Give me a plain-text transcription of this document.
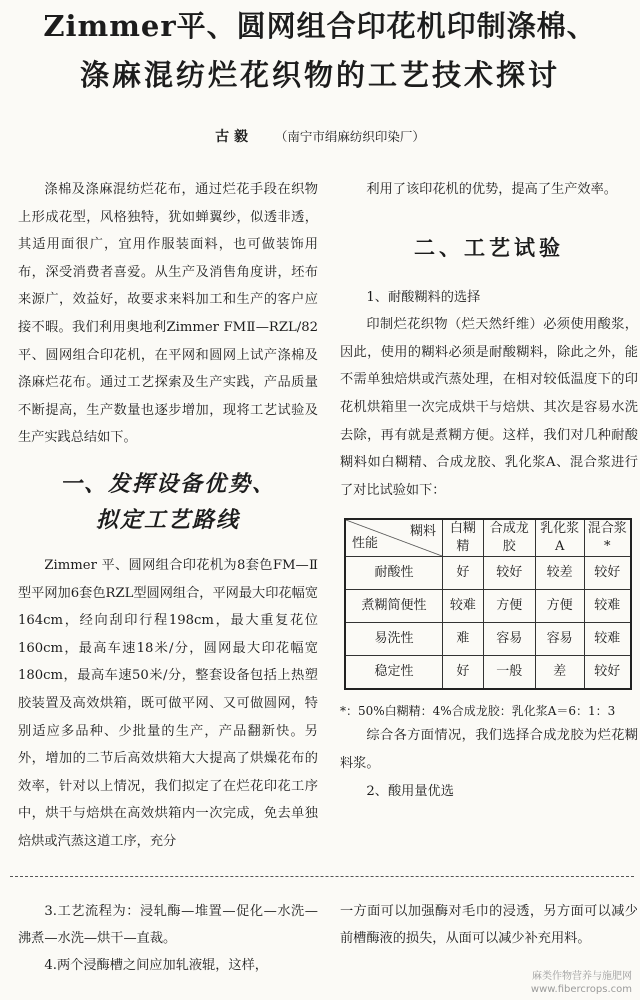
Zimmer平、圆网组合印花机印制涤棉、
涤麻混纺烂花织物的工艺技术探讨
古 毅 （南宁市绢麻纺织印染厂）

涤棉及涤麻混纺烂花布，通过烂花手段在织物上形成花型，风格独特，犹如蝉翼纱，似透非透，其适用面很广，宜用作服装面料，也可做装饰用布，深受消费者喜爱。从生产及消售角度讲，坯布来源广，效益好，故要求来料加工和生产的客户应接不暇。我们利用奥地利Zimmer FMⅡ—RZL/82平、圆网组合印花机，在平网和圆网上试产涤棉及涤麻烂花布。通过工艺探索及生产实践，产品质量不断提高，生产数量也逐步增加，现将工艺试验及生产实践总结如下。

一、发挥设备优势、
拟定工艺路线

Zimmer 平、圆网组合印花机为8套色FM—Ⅱ型平网加6套色RZL型圆网组合，平网最大印花幅宽164cm，经向刮印行程198cm，最大重复花位160cm，最高车速18米/分，圆网最大印花幅宽180cm，最高车速50米/分，整套设备包括上热塑胶装置及高效烘箱，既可做平网、又可做圆网，特别适应多品种、少批量的生产，产品翻新快。另外，增加的二节后高效烘箱大大提高了烘燥花布的效率，针对以上情况，我们拟定了在烂花印花工序中，烘干与焙烘在高效烘箱内一次完成，免去单独焙烘或汽蒸这道工序，充分

利用了该印花机的优势，提高了生产效率。

二、工艺试验

1、耐酸糊料的选择

印制烂花织物（烂天然纤维）必须使用酸浆，因此，使用的糊料必须是耐酸糊料，除此之外，能不需单独焙烘或汽蒸处理，在相对较低温度下的印花机烘箱里一次完成烘干与焙烘、其次是容易水洗去除，再有就是煮糊方便。这样，我们对几种耐酸糊料如白糊精、合成龙胶、乳化浆A、混合浆进行了对比试验如下：

糊料
性能	白糊精	合成龙胶	乳化浆A	混合浆*
耐酸性	好	较好	较差	较好
煮糊简便性	较难	方便	方便	较难
易洗性	难	容易	容易	较难
稳定性	好	一般	差	较好

*：50%白糊精：4%合成龙胶：乳化浆A＝6：1：3

综合各方面情况，我们选择合成龙胶为烂花糊料浆。

2、酸用量优选

3.工艺流程为：浸轧酶—堆置—促化—水洗—沸煮—水洗—烘干—直裁。

4.两个浸酶槽之间应加轧液辊，这样，

一方面可以加强酶对毛巾的浸透，另方面可以减少前槽酶液的损失，从面可以减少补充用料。

麻类作物营养与施肥网
www.fibercrops.com
